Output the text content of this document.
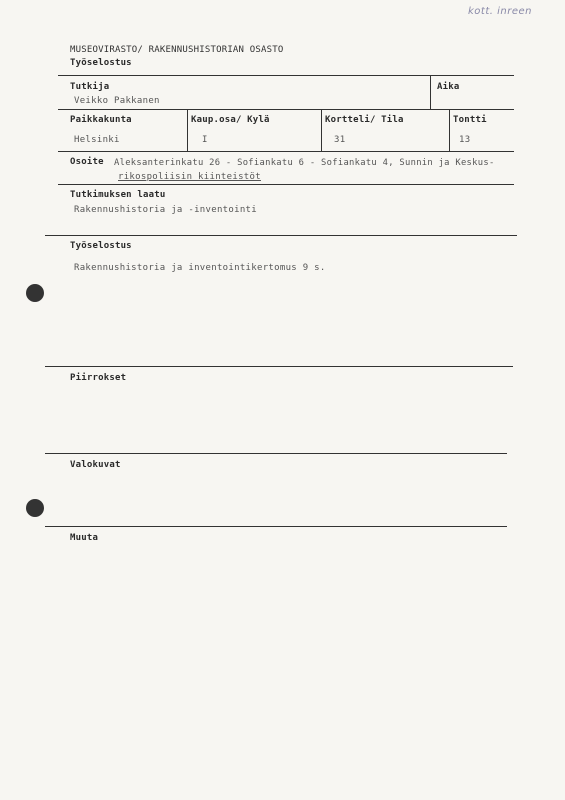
kott. inreen
MUSEOVIRASTO/ RAKENNUSHISTORIAN OSASTO
Työselostus
Tutkija
Veikko Pakkanen
Aika
Paikkakunta
Helsinki
Kaup.osa/ Kylä
I
Kortteli/ Tila
31
Tontti
13
Osoite Aleksanterinkatu 26 - Sofiankatu 6 - Sofiankatu 4, Sunnin ja Keskus-
rikospoliisin kiinteistöt
Tutkimuksen laatu
Rakennushistoria ja -inventointi
Työselostus
Rakennushistoria ja inventointikertomus 9 s.
Piirrokset
Valokuvat
Muuta
